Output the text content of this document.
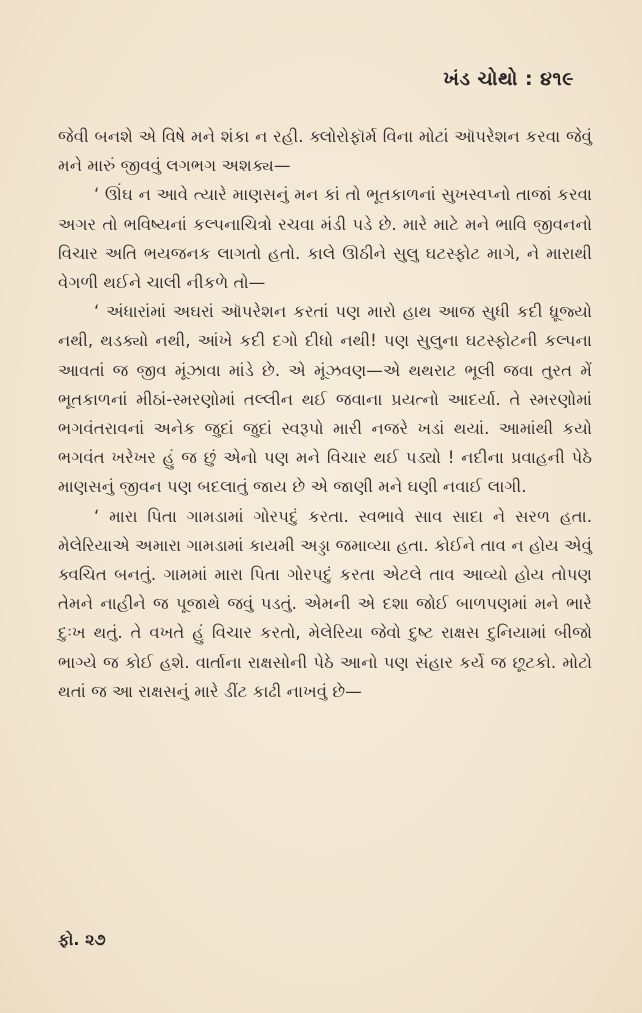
ખંડ ચોથો : ૪૧૯

જેવી બનશે એ વિષે મને શંકા ન રહી. ક્લોરોફૉર્મ વિના મોટાં ઑપરેશન કરવા જેવું મને મારું જીવવું લગભગ અશક્ય—

‘ ઊંઘ ન આવે ત્યારે માણસનું મન કાં તો ભૂતકાળનાં સુખસ્વપ્નો તાજાં કરવા અગર તો ભવિષ્યનાં કલ્પનાચિત્રો રચવા મંડી પડે છે. મારે માટે મને ભાવિ જીવનનો વિચાર અતિ ભયજનક લાગતો હતો. કાલે ઊઠીને સુલુ ઘટસ્ફોટ માગે, ને મારાથી વેગળી થઈને ચાલી નીકળે તો—

‘ અંધારાંમાં અઘરાં ઑપરેશન કરતાં પણ મારો હાથ આજ સુધી કદી ધ્રૂજ્યો નથી, થડક્યો નથી, આંખે કદી દગો દીધો નથી! પણ સુલુના ઘટસ્ફોટની કલ્પના આવતાં જ જીવ મૂંઝાવા માંડે છે. એ મૂંઝવણ—એ થથરાટ ભૂલી જવા તુરત મેં ભૂતકાળનાં મીઠાં-સ્મરણોમાં તલ્લીન થઈ જવાના પ્રયત્નો આદર્યા. તે સ્મરણોમાં ભગવંતરાવનાં અનેક જુદાં જુદાં સ્વરૂપો મારી નજરે ખડાં થયાં. આમાંથી કયો ભગવંત ખરેખર હું જ છું એનો પણ મને વિચાર થઈ પડ્યો ! નદીના પ્રવાહની પેઠે માણસનું જીવન પણ બદલાતું જાય છે એ જાણી મને ઘણી નવાઈ લાગી.

‘ મારા પિતા ગામડામાં ગોરપદું કરતા. સ્વભાવે સાવ સાદા ને સરળ હતા. મેલેરિયાએ અમારા ગામડામાં કાયમી અડ્ડા જમાવ્યા હતા. કોઈને તાવ ન હોય એવું ક્વચિત બનતું. ગામમાં મારા પિતા ગોરપદું કરતા એટલે તાવ આવ્યો હોય તોપણ તેમને નાહીને જ પૂજાથે જવું પડતું. એમની એ દશા જોઈ બાળપણમાં મને ભારે દુઃખ થતું. તે વખતે હું વિચાર કરતો, મેલેરિયા જેવો દુષ્ટ રાક્ષસ દુનિયામાં બીજો ભાગ્યે જ કોઈ હશે. વાર્તાના રાક્ષસોની પેઠે આનો પણ સંહાર કર્યે જ છૂટકો. મોટો થતાં જ આ રાક્ષસનું મારે ડીંટ કાઢી નાખવું છે—

ફો. ૨૭
